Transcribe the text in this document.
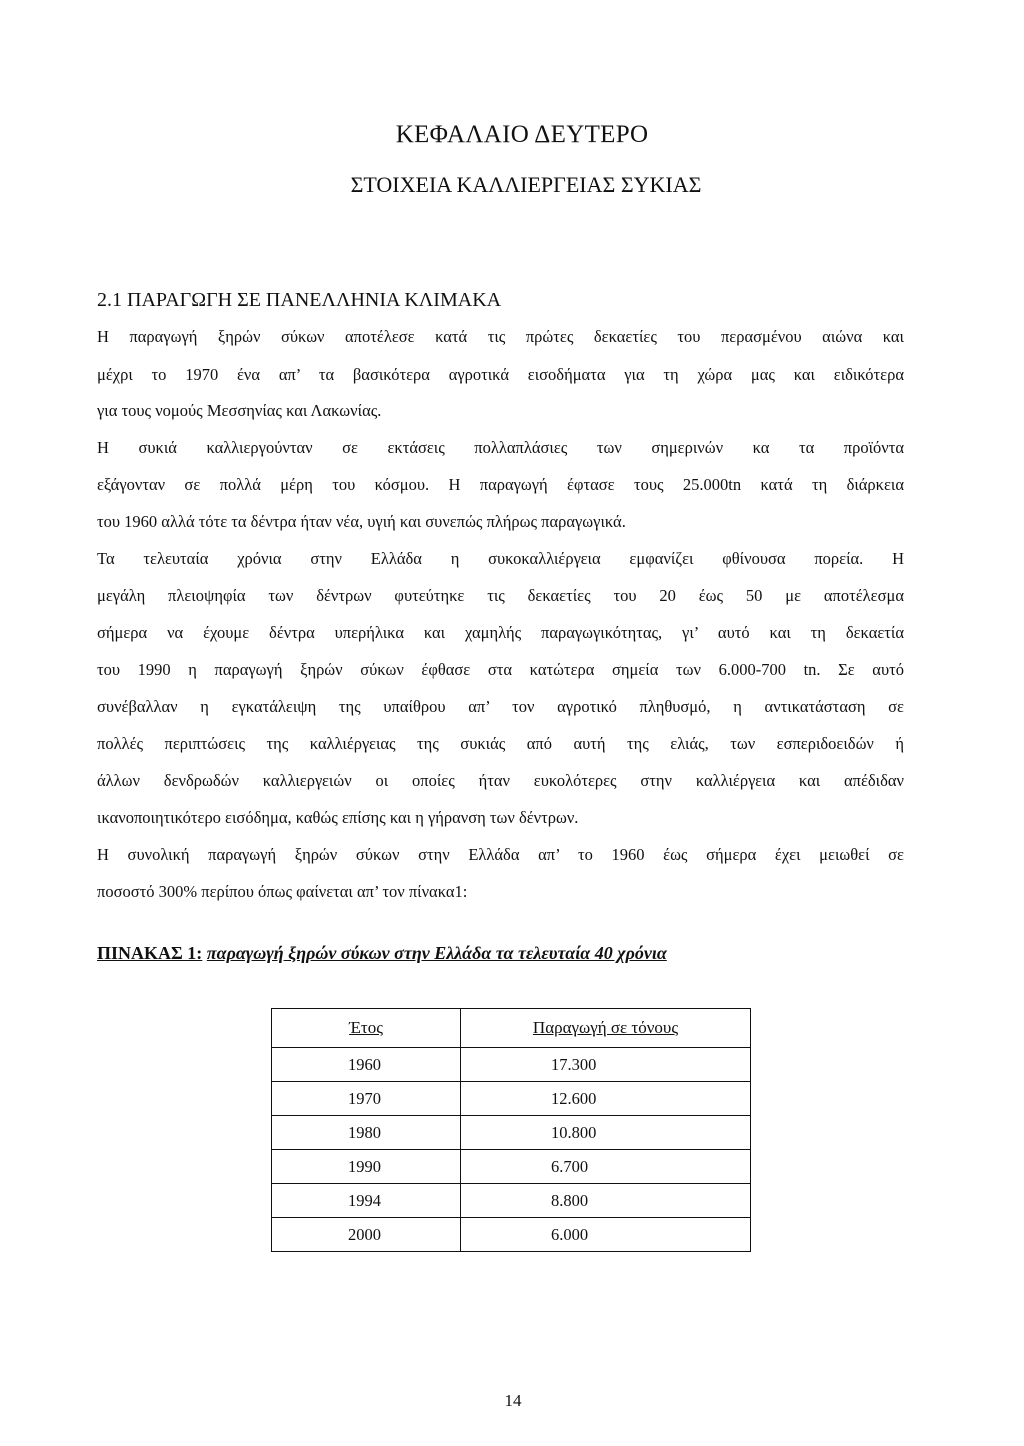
ΚΕΦΑΛΑΙΟ ΔΕΥΤΕΡΟ
ΣΤΟΙΧΕΙΑ ΚΑΛΛΙΕΡΓΕΙΑΣ ΣΥΚΙΑΣ
2.1 ΠΑΡΑΓΩΓΗ ΣΕ ΠΑΝΕΛΛΗΝΙΑ ΚΛΙΜΑΚΑ
Η παραγωγή ξηρών σύκων αποτέλεσε κατά τις πρώτες δεκαετίες του περασμένου αιώνα και
μέχρι το 1970 ένα απ’ τα βασικότερα αγροτικά εισοδήματα για τη χώρα μας και ειδικότερα
για τους νομούς Μεσσηνίας και Λακωνίας.
Η συκιά καλλιεργούνταν σε εκτάσεις πολλαπλάσιες των σημερινών κα τα προϊόντα
εξάγονταν σε πολλά μέρη του κόσμου. Η παραγωγή έφτασε τους 25.000tn κατά τη διάρκεια
του 1960 αλλά τότε τα δέντρα ήταν νέα, υγιή και συνεπώς πλήρως παραγωγικά.
Τα τελευταία χρόνια στην Ελλάδα η συκοκαλλιέργεια εμφανίζει φθίνουσα πορεία. Η
μεγάλη πλειοψηφία των δέντρων φυτεύτηκε τις δεκαετίες του 20 έως 50 με αποτέλεσμα
σήμερα να έχουμε δέντρα υπερήλικα και χαμηλής παραγωγικότητας, γι’ αυτό και τη δεκαετία
του 1990 η παραγωγή ξηρών σύκων έφθασε στα κατώτερα σημεία των 6.000-700 tn. Σε αυτό
συνέβαλλαν η εγκατάλειψη της υπαίθρου απ’ τον αγροτικό πληθυσμό, η αντικατάσταση σε
πολλές περιπτώσεις της καλλιέργειας της συκιάς από αυτή της ελιάς, των εσπεριδοειδών ή
άλλων δενδρωδών καλλιεργειών οι οποίες ήταν ευκολότερες στην καλλιέργεια και απέδιδαν
ικανοποιητικότερο εισόδημα, καθώς επίσης και η γήρανση των δέντρων.
Η συνολική παραγωγή ξηρών σύκων στην Ελλάδα απ’ το 1960 έως σήμερα έχει μειωθεί σε
ποσοστό 300% περίπου όπως φαίνεται απ’ τον πίνακα1:
ΠΙΝΑΚΑΣ 1: παραγωγή ξηρών σύκων στην Ελλάδα τα τελευταία 40 χρόνια
Έτος	Παραγωγή σε τόνους
1960	17.300
1970	12.600
1980	10.800
1990	6.700
1994	8.800
2000	6.000
14
